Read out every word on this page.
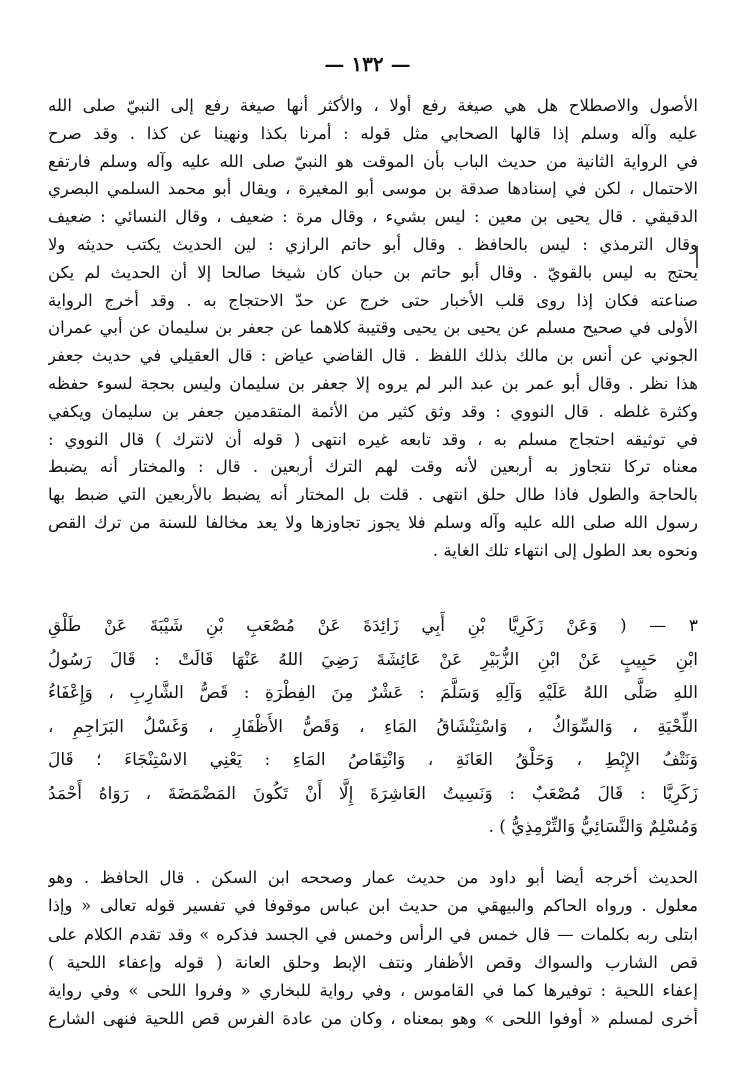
— ١٣٢ —
الأصول والاصطلاح هل هي صيغة رفع أولا ، والأكثر أنها صيغة رفع إلى النبيّ صلى الله
عليه وآله وسلم إذا قالها الصحابي مثل قوله : أمرنا بكذا ونهينا عن كذا . وقد صرح
في الرواية الثانية من حديث الباب بأن الموقت هو النبيّ صلى الله عليه وآله وسلم فارتفع
الاحتمال ، لكن في إسنادها صدقة بن موسى أبو المغيرة ، ويقال أبو محمد السلمي البصري
الدقيقي . قال يحيى بن معين : ليس بشيء ، وقال مرة : ضعيف ، وقال النسائي : ضعيف
وقال الترمذي : ليس بالحافظ . وقال أبو حاتم الرازي : لين الحديث يكتب حديثه ولا
يحتج به ليس بالقويّ . وقال أبو حاتم بن حبان كان شيخا صالحا إلا أن الحديث لم يكن
صناعته فكان إذا روى قلب الأخبار حتى خرج عن حدّ الاحتجاج به . وقد أخرج الرواية
الأولى في صحيح مسلم عن يحيى بن يحيى وقتيبة كلاهما عن جعفر بن سليمان عن أبي عمران
الجوني عن أنس بن مالك بذلك اللفظ . قال القاضي عياض : قال العقيلي في حديث جعفر
هذا نظر . وقال أبو عمر بن عبد البر لم يروه إلا جعفر بن سليمان وليس بحجة لسوء حفظه
وكثرة غلطه . قال النووي : وقد وثق كثير من الأئمة المتقدمين جعفر بن سليمان ويكفي
في توثيقه احتجاج مسلم به ، وقد تابعه غيره انتهى ( قوله أن لانترك ) قال النووي :
معناه تركا نتجاوز به أربعين لأنه وقت لهم الترك أربعين . قال : والمختار أنه يضبط
بالحاجة والطول فاذا طال حلق انتهى . قلت بل المختار أنه يضبط بالأربعين التي ضبط بها
رسول الله صلى الله عليه وآله وسلم فلا يجوز تجاوزها ولا يعد مخالفا للسنة من ترك القص
ونحوه بعد الطول إلى انتهاء تلك الغاية .
٣ — ( وَعَنْ زَكَرِيَّا بْنِ أَبِي زَائِدَةَ عَنْ مُصْعَبِ بْنِ شَيْبَةَ عَنْ طَلْقِ
ابْنِ حَبِيبٍ عَنْ ابْنِ الزُّبَيْرِ عَنْ عَائِشَةَ رَضِيَ اللهُ عَنْهَا قَالَتْ : قَالَ رَسُولُ
اللهِ صَلَّى اللهُ عَلَيْهِ وَآلِهِ وَسَلَّمَ : عَشْرٌ مِنَ الفِطْرَةِ : قَصُّ الشَّارِبِ ، وَإِعْفَاءُ
اللِّحْيَةِ ، وَالسِّوَاكُ ، وَاسْتِنْشَاقُ المَاءِ ، وَقَصُّ الأَظْفَارِ ، وَغَسْلُ البَرَاجِمِ ،
وَنَتْفُ الإِبْطِ ، وَحَلْقُ العَانَةِ ، وَانْتِقَاصُ المَاءِ : يَعْنِي الاسْتِنْجَاءَ ؛ قَالَ
زَكَرِيَّا : قَالَ مُصْعَبٌ : وَنَسِيتُ العَاشِرَةَ إِلَّا أَنْ تَكُونَ المَضْمَضَةَ ، رَوَاهُ أَحْمَدُ
وَمُسْلِمٌ وَالنَّسَائِيُّ وَالتِّرْمِذِيُّ ) .
الحديث أخرجه أيضا أبو داود من حديث عمار وصححه ابن السكن . قال الحافظ . وهو
معلول . ورواه الحاكم والبيهقي من حديث ابن عباس موقوفا في تفسير قوله تعالى « وإذا
ابتلى ربه بكلمات — قال خمس في الرأس وخمس في الجسد فذكره » وقد تقدم الكلام على
قص الشارب والسواك وقص الأظفار ونتف الإبط وحلق العانة ( قوله وإعفاء اللحية )
إعفاء اللحية : توفيرها كما في القاموس ، وفي رواية للبخاري « وفروا اللحى » وفي رواية
أخرى لمسلم « أوفوا اللحى » وهو بمعناه ، وكان من عادة الفرس قص اللحية فنهى الشارع
